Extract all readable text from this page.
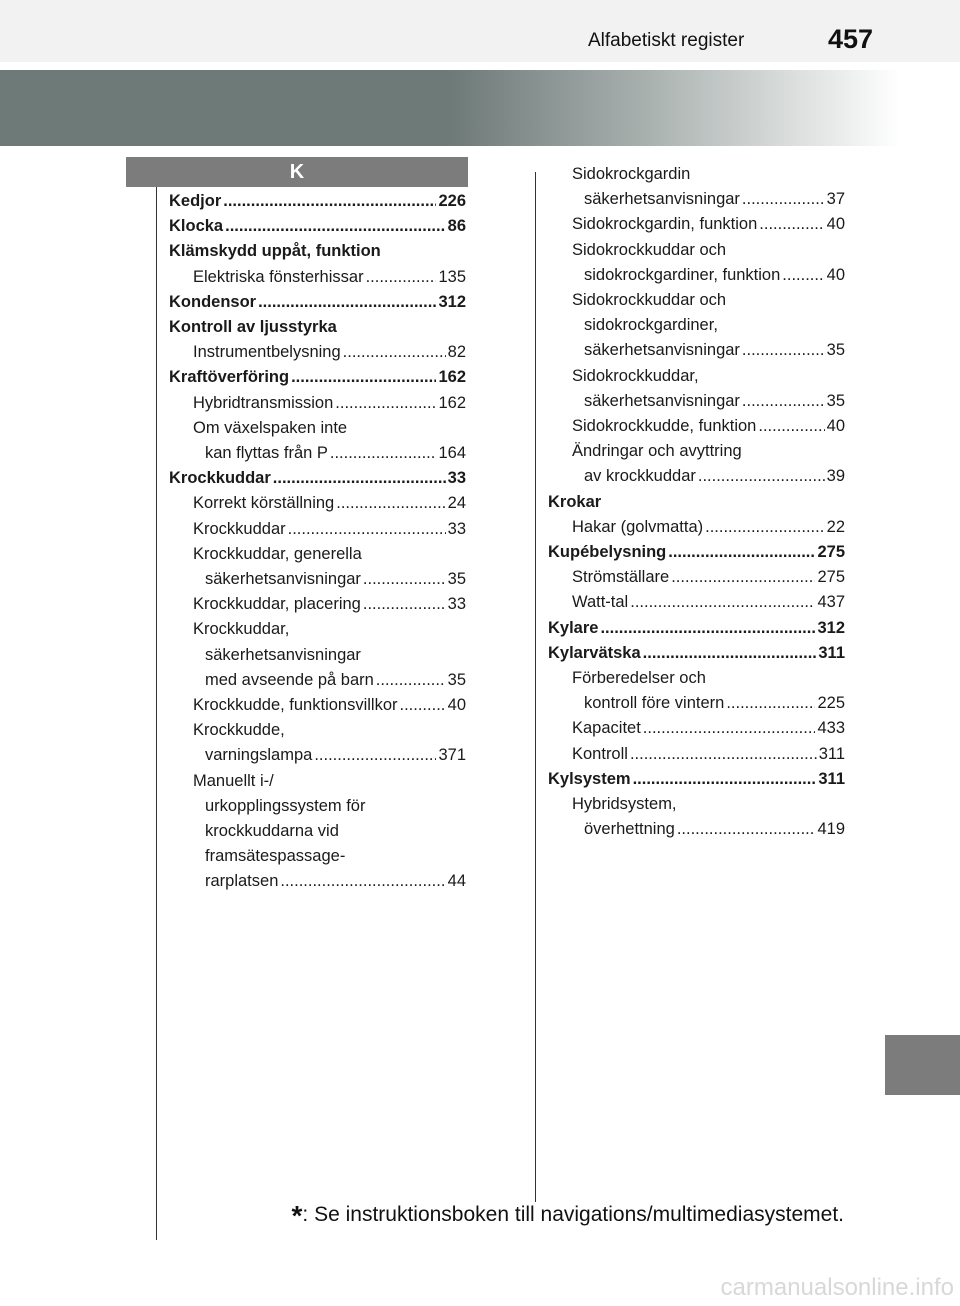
Alfabetiskt register	457
K
Kedjor .....	226
Klocka .....	86
Klämskydd uppåt, funktion
Elektriska fönsterhissar .....	135
Kondensor .....	312
Kontroll av ljusstyrka
Instrumentbelysning .....	82
Kraftöverföring .....	162
Hybridtransmission .....	162
Om växelspaken inte
kan flyttas från P .....	164
Krockkuddar .....	33
Korrekt körställning .....	24
Krockkuddar .....	33
Krockkuddar, generella
säkerhetsanvisningar .....	35
Krockkuddar, placering .....	33
Krockkuddar,
säkerhetsanvisningar
med avseende på barn .....	35
Krockkudde, funktionsvillkor .....	40
Krockkudde,
varningslampa .....	371
Manuellt i-/
urkopplingssystem för
krockkuddarna vid
framsätespassage-
rarplatsen .....	44
Sidokrockgardin
säkerhetsanvisningar .....	37
Sidokrockgardin, funktion .....	40
Sidokrockkuddar och
sidokrockgardiner, funktion .....	40
Sidokrockkuddar och
sidokrockgardiner,
säkerhetsanvisningar .....	35
Sidokrockkuddar,
säkerhetsanvisningar .....	35
Sidokrockkudde, funktion .....	40
Ändringar och avyttring
av krockkuddar .....	39
Krokar
Hakar (golvmatta) .....	22
Kupébelysning .....	275
Strömställare .....	275
Watt-tal .....	437
Kylare .....	312
Kylarvätska .....	311
Förberedelser och
kontroll före vintern .....	225
Kapacitet .....	433
Kontroll .....	311
Kylsystem .....	311
Hybridsystem,
överhettning .....	419
*: Se instruktionsboken till navigations/multimediasystemet.
carmanualsonline.info
